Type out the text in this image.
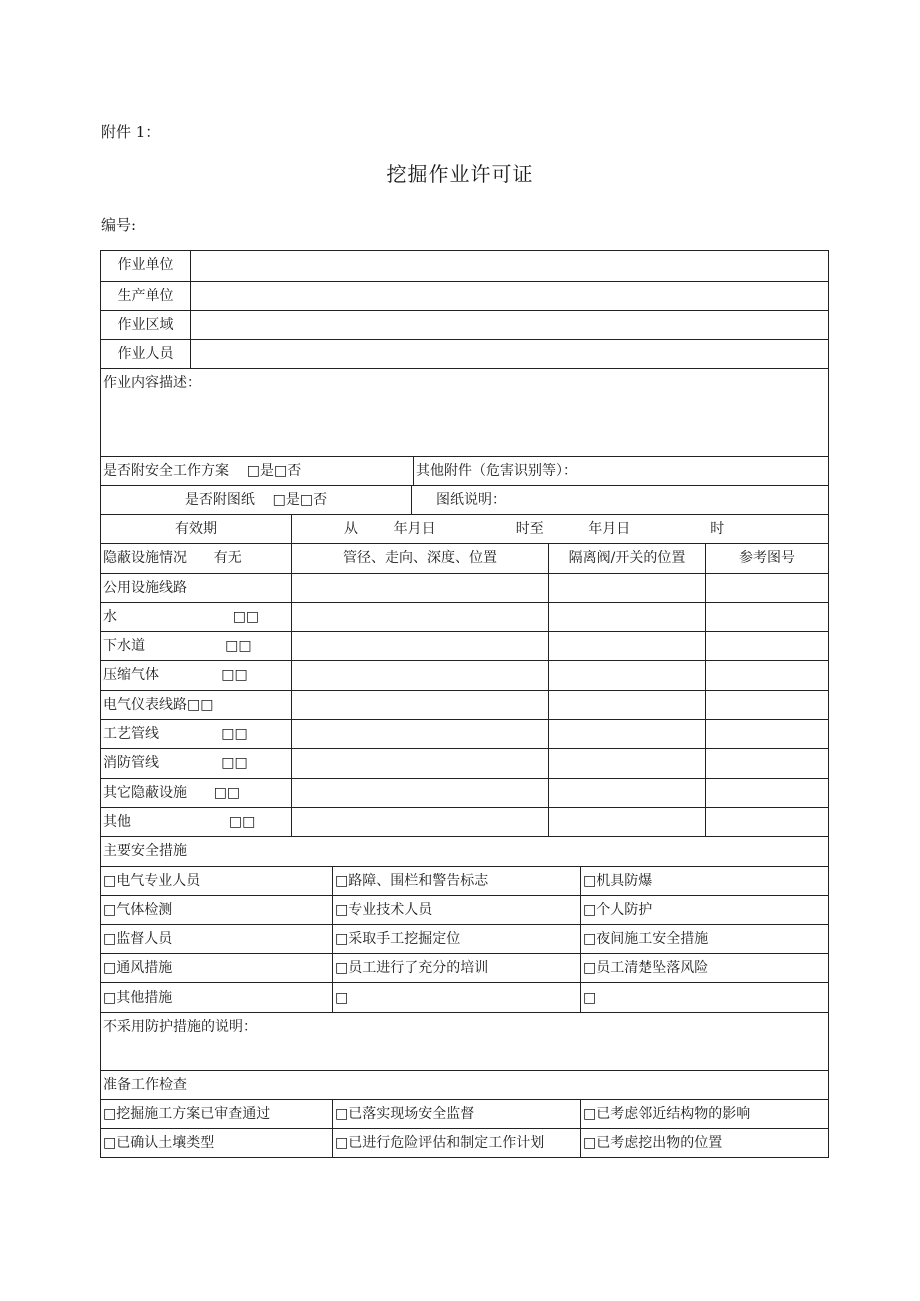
附件 1：
挖掘作业许可证
编号:
作业单位
生产单位
作业区域
作业人员
作业内容描述：
是否附安全工作方案    □是□否	其他附件（危害识别等）：
是否附图纸    □是□否	图纸说明：
有效期	从        年月日                  时至          年月日                  时
隐蔽设施情况      有无	管径、走向、深度、位置	隔离阀/开关的位置	参考图号
公用设施线路
水                          □□
下水道                  □□
压缩气体              □□
电气仪表线路□□
工艺管线              □□
消防管线              □□
其它隐蔽设施      □□
其他                      □□
主要安全措施
□电气专业人员	□路障、围栏和警告标志	□机具防爆
□气体检测	□专业技术人员	□个人防护
□监督人员	□采取手工挖掘定位	□夜间施工安全措施
□通风措施	□员工进行了充分的培训	□员工清楚坠落风险
□其他措施	□	□
不采用防护措施的说明：
准备工作检查
□挖掘施工方案已审查通过	□已落实现场安全监督	□已考虑邻近结构物的影响
□已确认土壤类型	□已进行危险评估和制定工作计划	□已考虑挖出物的位置
